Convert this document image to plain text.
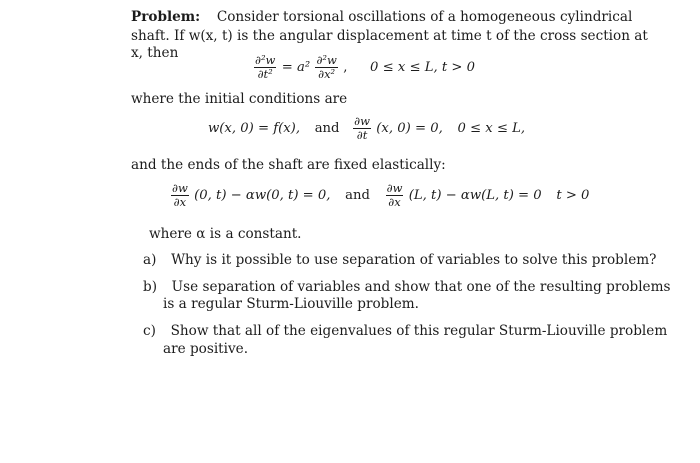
Problem: Consider torsional oscillations of a homogeneous cylindrical
shaft. If w(x, t) is the angular displacement at time t of the cross section at
x, then
$\frac{\text{∂²w}}{\text{∂t²}} = a^2 \frac{\text{∂²w}}{\text{∂x²}}$ , 0 ≤ x ≤ L, t > 0
where the initial conditions are
w(x, 0) = f(x), and $\frac{\partial w}{\partial t} (x$, 0) = 0, 0 ≤ x ≤ L,
and the ends of the shaft are fixed elastically:
$\frac{\partial w}{\partial x} (0$, t) − αw(0, t) = 0, and $\frac{\partial w}{\partial x} (L$, t) − αw(L, t) = 0 t > 0
where α is a constant.
a) Why is it possible to use separation of variables to solve this problem?
b) Use separation of variables and show that one of the resulting problems
is a regular Sturm-Liouville problem.
c) Show that all of the eigenvalues of this regular Sturm-Liouville problem
are positive.
